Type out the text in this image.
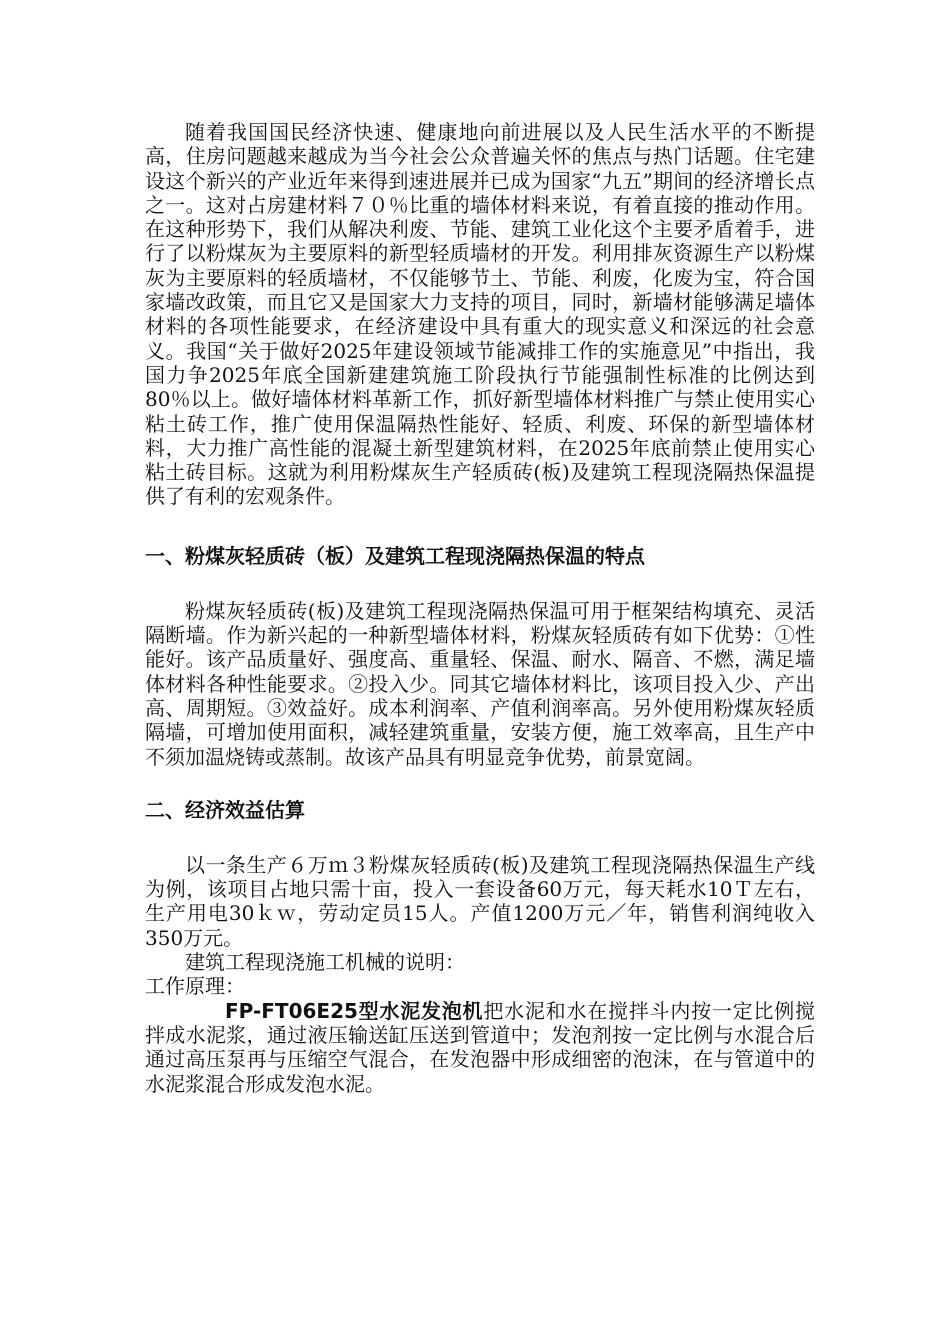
随着我国国民经济快速、健康地向前进展以及人民生活水平的不断提高，住房问题越来越成为当今社会公众普遍关怀的焦点与热门话题。住宅建设这个新兴的产业近年来得到速进展并已成为国家“九五”期间的经济增长点之一。这对占房建材料７０％比重的墙体材料来说，有着直接的推动作用。在这种形势下，我们从解决利废、节能、建筑工业化这个主要矛盾着手，进行了以粉煤灰为主要原料的新型轻质墙材的开发。利用排灰资源生产以粉煤灰为主要原料的轻质墙材，不仅能够节土、节能、利废，化废为宝，符合国家墙改政策，而且它又是国家大力支持的项目，同时，新墙材能够满足墙体材料的各项性能要求，在经济建设中具有重大的现实意义和深远的社会意义。我国“关于做好2025年建设领域节能减排工作的实施意见”中指出，我国力争2025年底全国新建建筑施工阶段执行节能强制性标准的比例达到80％以上。做好墙体材料革新工作，抓好新型墙体材料推广与禁止使用实心粘土砖工作，推广使用保温隔热性能好、轻质、利废、环保的新型墙体材料，大力推广高性能的混凝土新型建筑材料，在2025年底前禁止使用实心粘土砖目标。这就为利用粉煤灰生产轻质砖(板)及建筑工程现浇隔热保温提供了有利的宏观条件。

一、粉煤灰轻质砖（板）及建筑工程现浇隔热保温的特点

粉煤灰轻质砖(板)及建筑工程现浇隔热保温可用于框架结构填充、灵活隔断墙。作为新兴起的一种新型墙体材料，粉煤灰轻质砖有如下优势：①性能好。该产品质量好、强度高、重量轻、保温、耐水、隔音、不燃，满足墙体材料各种性能要求。②投入少。同其它墙体材料比，该项目投入少、产出高、周期短。③效益好。成本利润率、产值利润率高。另外使用粉煤灰轻质隔墙，可增加使用面积，减轻建筑重量，安装方便，施工效率高，且生产中不须加温烧铸或蒸制。故该产品具有明显竞争优势，前景宽阔。

二、经济效益估算

以一条生产６万ｍ３粉煤灰轻质砖(板)及建筑工程现浇隔热保温生产线为例，该项目占地只需十亩，投入一套设备60万元，每天耗水10Ｔ左右，生产用电30ｋｗ，劳动定员15人。产值1200万元／年，销售利润纯收入350万元。

建筑工程现浇施工机械的说明：

工作原理：

FP-FT06E25型水泥发泡机把水泥和水在搅拌斗内按一定比例搅拌成水泥浆，通过液压输送缸压送到管道中；发泡剂按一定比例与水混合后通过高压泵再与压缩空气混合，在发泡器中形成细密的泡沫，在与管道中的水泥浆混合形成发泡水泥。
